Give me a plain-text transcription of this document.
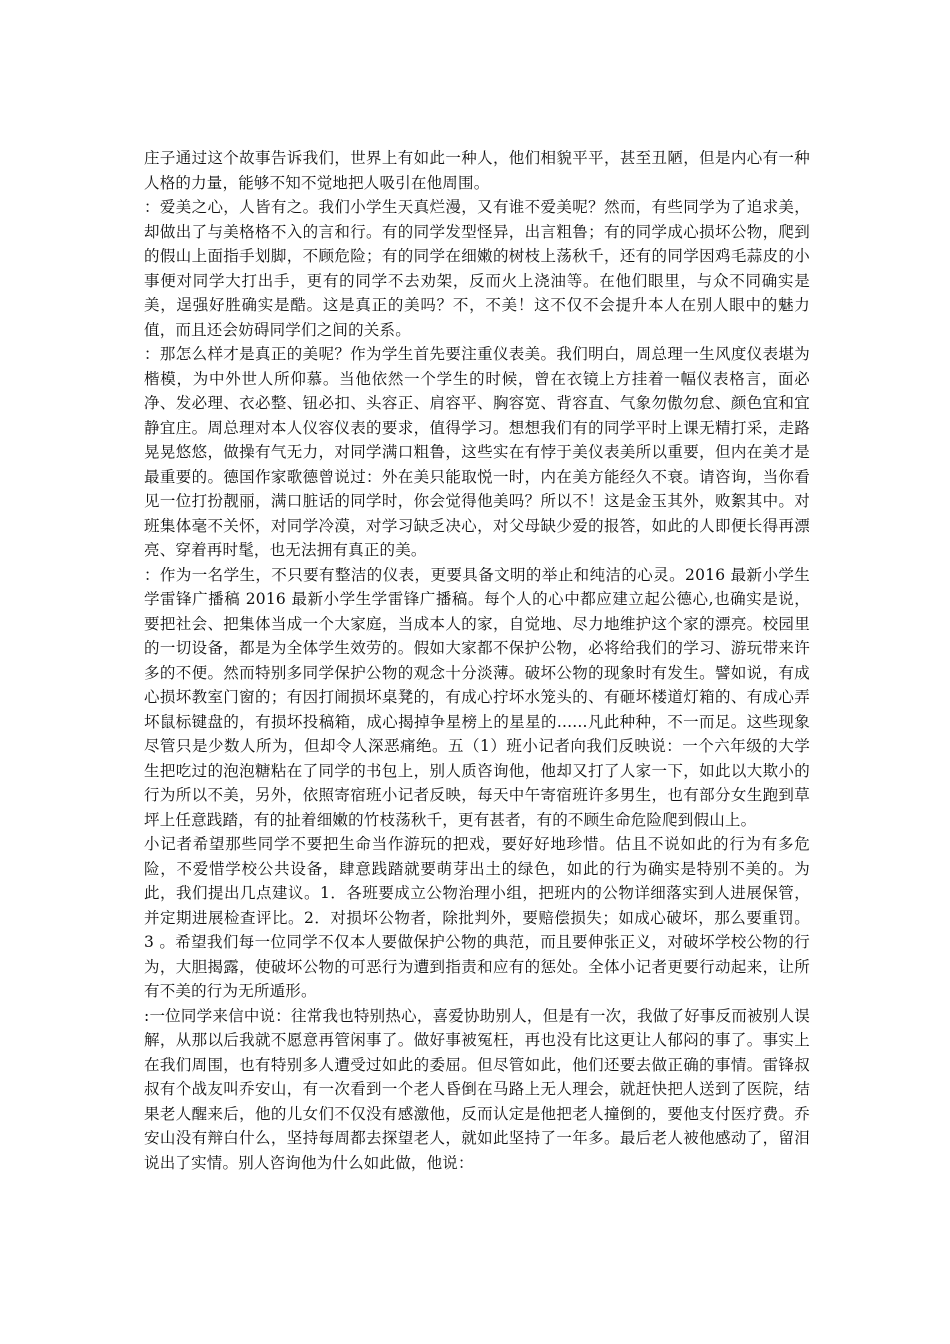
庄子通过这个故事告诉我们，世界上有如此一种人，他们相貌平平，甚至丑陋，但是内心有一种人格的力量，能够不知不觉地把人吸引在他周围。

：爱美之心，人皆有之。我们小学生天真烂漫，又有谁不爱美呢？然而，有些同学为了追求美，却做出了与美格格不入的言和行。有的同学发型怪异，出言粗鲁；有的同学成心损坏公物，爬到的假山上面指手划脚，不顾危险；有的同学在细嫩的树枝上荡秋千，还有的同学因鸡毛蒜皮的小事便对同学大打出手，更有的同学不去劝架，反而火上浇油等。在他们眼里，与众不同确实是美，逞强好胜确实是酷。这是真正的美吗？不，不美！这不仅不会提升本人在别人眼中的魅力值，而且还会妨碍同学们之间的关系。

：那怎么样才是真正的美呢？作为学生首先要注重仪表美。我们明白，周总理一生风度仪表堪为楷模，为中外世人所仰慕。当他依然一个学生的时候，曾在衣镜上方挂着一幅仪表格言，面必净、发必理、衣必整、钮必扣、头容正、肩容平、胸容宽、背容直、气象勿傲勿怠、颜色宜和宜静宜庄。周总理对本人仪容仪表的要求，值得学习。想想我们有的同学平时上课无精打采，走路晃晃悠悠，做操有气无力，对同学满口粗鲁，这些实在有悖于美仪表美所以重要，但内在美才是最重要的。德国作家歌德曾说过：外在美只能取悦一时，内在美方能经久不衰。请咨询，当你看见一位打扮靓丽，满口脏话的同学时，你会觉得他美吗？所以不！这是金玉其外，败絮其中。对班集体毫不关怀，对同学冷漠，对学习缺乏决心，对父母缺少爱的报答，如此的人即便长得再漂亮、穿着再时髦，也无法拥有真正的美。

：作为一名学生，不只要有整洁的仪表，更要具备文明的举止和纯洁的心灵。2016 最新小学生学雷锋广播稿 2016 最新小学生学雷锋广播稿。每个人的心中都应建立起公德心,也确实是说，要把社会、把集体当成一个大家庭，当成本人的家，自觉地、尽力地维护这个家的漂亮。校园里的一切设备，都是为全体学生效劳的。假如大家都不保护公物，必将给我们的学习、游玩带来许多的不便。然而特别多同学保护公物的观念十分淡薄。破坏公物的现象时有发生。譬如说，有成心损坏教室门窗的；有因打闹损坏桌凳的，有成心拧坏水笼头的、有砸坏楼道灯箱的、有成心弄坏鼠标键盘的，有损坏投稿箱，成心揭掉争星榜上的星星的......凡此种种，不一而足。这些现象尽管只是少数人所为，但却令人深恶痛绝。五（1）班小记者向我们反映说：一个六年级的大学生把吃过的泡泡糖粘在了同学的书包上，别人质咨询他，他却又打了人家一下，如此以大欺小的行为所以不美，另外，依照寄宿班小记者反映，每天中午寄宿班许多男生，也有部分女生跑到草坪上任意践踏，有的扯着细嫩的竹枝荡秋千，更有甚者，有的不顾生命危险爬到假山上。

小记者希望那些同学不要把生命当作游玩的把戏，要好好地珍惜。估且不说如此的行为有多危险，不爱惜学校公共设备，肆意践踏就要萌芽出土的绿色，如此的行为确实是特别不美的。为此，我们提出几点建议。1．各班要成立公物治理小组，把班内的公物详细落实到人进展保管，并定期进展检查评比。2．对损坏公物者，除批判外，要赔偿损失；如成心破坏，那么要重罚。 3 。希望我们每一位同学不仅本人要做保护公物的典范，而且要伸张正义，对破坏学校公物的行为，大胆揭露，使破坏公物的可恶行为遭到指责和应有的惩处。全体小记者更要行动起来，让所有不美的行为无所遁形。

:一位同学来信中说：往常我也特别热心，喜爱协助别人，但是有一次，我做了好事反而被别人误解，从那以后我就不愿意再管闲事了。做好事被冤枉，再也没有比这更让人郁闷的事了。事实上在我们周围，也有特别多人遭受过如此的委屈。但尽管如此，他们还要去做正确的事情。雷锋叔叔有个战友叫乔安山，有一次看到一个老人昏倒在马路上无人理会，就赶快把人送到了医院，结果老人醒来后，他的儿女们不仅没有感激他，反而认定是他把老人撞倒的，要他支付医疗费。乔安山没有辩白什么，坚持每周都去探望老人，就如此坚持了一年多。最后老人被他感动了，留泪说出了实情。别人咨询他为什么如此做，他说：
